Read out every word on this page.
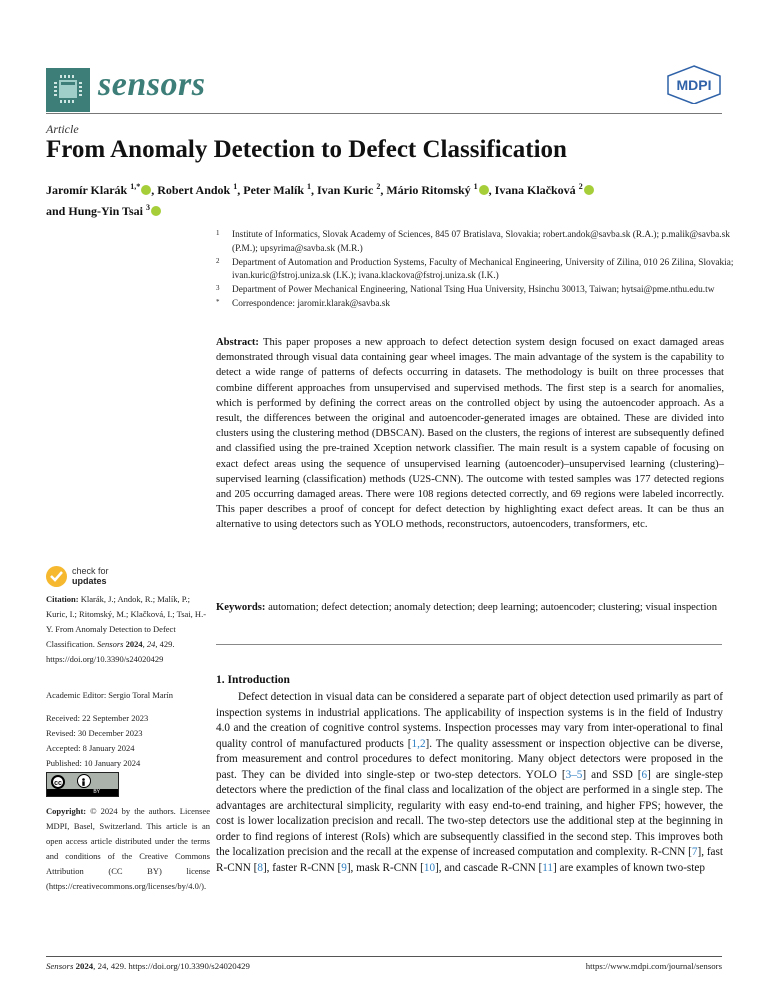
sensors	MDPI
Article
From Anomaly Detection to Defect Classification
Jaromír Klarák $^{1,*}$ , Robert Andok $^1$, Peter Malík $^1$, Ivan Kuric $^2$, Mário Ritomský $^1$ , Ivana Klačková $^2$
and Hung-Yin Tsai $^3$
1 Institute of Informatics, Slovak Academy of Sciences, 845 07 Bratislava, Slovakia; robert.andok@savba.sk (R.A.); p.malik@savba.sk (P.M.); upsyrima@savba.sk (M.R.)
2 Department of Automation and Production Systems, Faculty of Mechanical Engineering, University of Zilina, 010 26 Zilina, Slovakia; ivan.kuric@fstroj.uniza.sk (I.K.); ivana.klackova@fstroj.uniza.sk (I.K.)
3 Department of Power Mechanical Engineering, National Tsing Hua University, Hsinchu 30013, Taiwan; hytsai@pme.nthu.edu.tw
* Correspondence: jaromir.klarak@savba.sk
Abstract: This paper proposes a new approach to defect detection system design focused on exact damaged areas demonstrated through visual data containing gear wheel images. The main advantage of the system is the capability to detect a wide range of patterns of defects occurring in datasets. The methodology is built on three processes that combine different approaches from unsupervised and supervised methods. The first step is a search for anomalies, which is performed by defining the correct areas on the controlled object by using the autoencoder approach. As a result, the differences between the original and autoencoder-generated images are obtained. These are divided into clusters using the clustering method (DBSCAN). Based on the clusters, the regions of interest are subsequently defined and classified using the pre-trained Xception network classifier. The main result is a system capable of focusing on exact defect areas using the sequence of unsupervised learning (autoencoder)–unsupervised learning (clustering)–supervised learning (classification) methods (U2S-CNN). The outcome with tested samples was 177 detected regions and 205 occurring damaged areas. There were 108 regions detected correctly, and 69 regions were labeled incorrectly. This paper describes a proof of concept for defect detection by highlighting exact defect areas. It can be thus an alternative to using detectors such as YOLO methods, reconstructors, autoencoders, transformers, etc.
Keywords: automation; defect detection; anomaly detection; deep learning; autoencoder; clustering; visual inspection
1. Introduction
Defect detection in visual data can be considered a separate part of object detection used primarily as part of inspection systems in industrial applications. The applicability of inspection systems is in the field of Industry 4.0 and the creation of cognitive control systems. Inspection processes may vary from inter-operational to final quality control of manufactured products [1,2]. The quality assessment or inspection objective can be diverse, from measurement and control procedures to defect monitoring. Many object detectors were proposed in the past. They can be divided into single-step or two-step detectors. YOLO [3–5] and SSD [6] are single-step detectors where the prediction of the final class and localization of the object are performed in a single step. The advantages are architectural simplicity, regularity with easy end-to-end training, and higher FPS; however, the cost is lower localization precision and recall. The two-step detectors use the additional step at the beginning in order to find regions of interest (RoIs) which are subsequently classified in the second step. This improves both the localization precision and the recall at the expense of increased computation and complexity. R-CNN [7], fast R-CNN [8], faster R-CNN [9], mask R-CNN [10], and cascade R-CNN [11] are examples of known two-step
check for
updates
Citation: Klarák, J.; Andok, R.; Malík, P.; Kuric, I.; Ritomský, M.; Klačková, I.; Tsai, H.-Y. From Anomaly Detection to Defect Classification. Sensors 2024, 24, 429. https://doi.org/10.3390/s24020429
Academic Editor: Sergio Toral Marín
Received: 22 September 2023
Revised: 30 December 2023
Accepted: 8 January 2024
Published: 10 January 2024
cc
BY
Copyright: © 2024 by the authors. Licensee MDPI, Basel, Switzerland. This article is an open access article distributed under the terms and conditions of the Creative Commons Attribution (CC BY) license (https://creativecommons.org/licenses/by/4.0/).
Sensors 2024, 24, 429. https://doi.org/10.3390/s24020429	https://www.mdpi.com/journal/sensors
